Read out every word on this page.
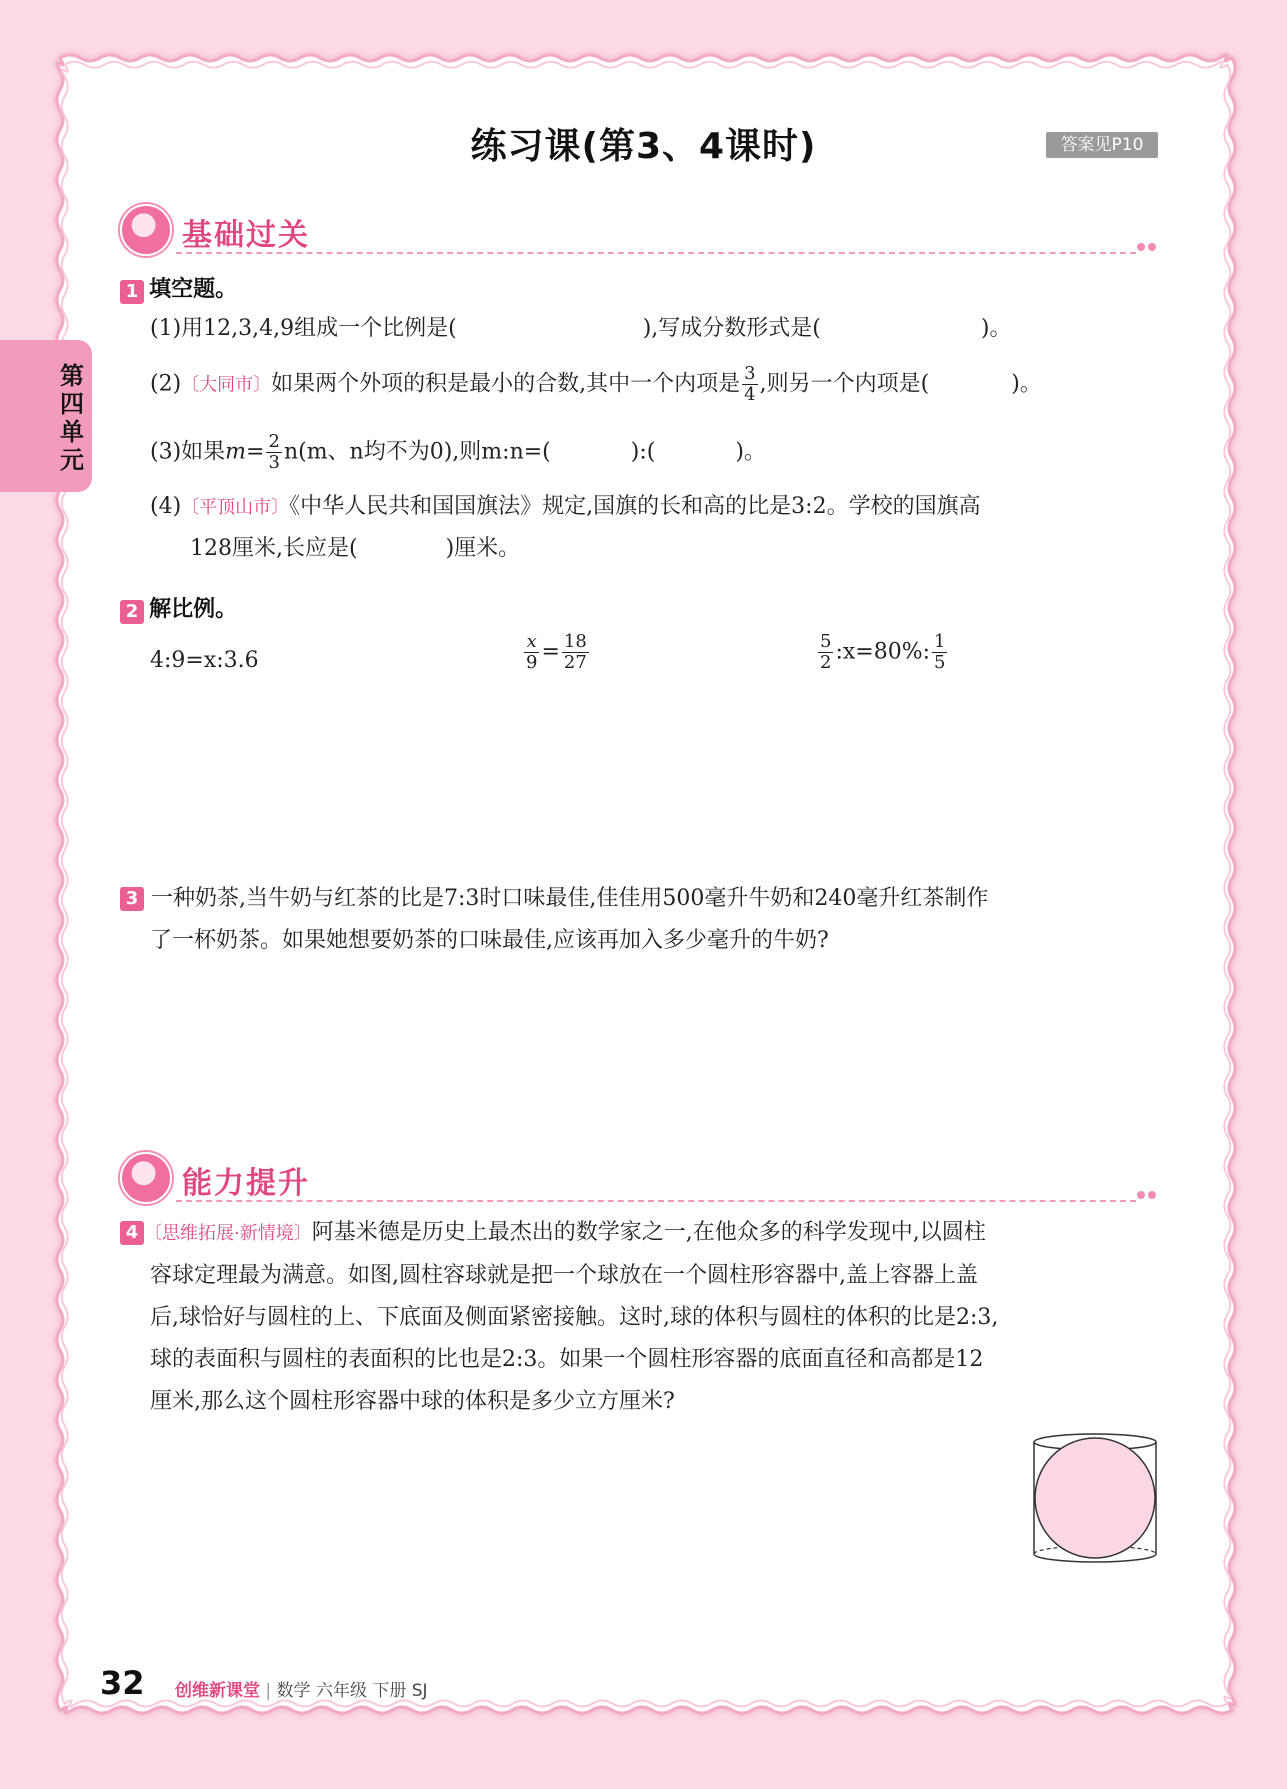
练习课(第3、4课时)	答案见P10
第四单元
基础过关
1 填空题。
(1)用12,3,4,9组成一个比例是(	),写成分数形式是(	)。
(2)〔大同市〕如果两个外项的积是最小的合数,其中一个内项是 $\frac{3}{4}$ ,则另一个内项是(	)。
(3)如果$m= \frac{2}{3} n(m$、n均不为0),则m:n=(	):(	)。
(4)〔平顶山市〕《中华人民共和国国旗法》规定,国旗的长和高的比是3:2。学校的国旗高
128厘米,长应是(	)厘米。
2 解比例。
4:9=x:3.6	$\frac{x}{9} = \frac{18}{27}$	$\frac{5}{2}$ :x=80%: $\frac{1}{5}$
3 一种奶茶,当牛奶与红茶的比是7:3时口味最佳,佳佳用500毫升牛奶和240毫升红茶制作
了一杯奶茶。如果她想要奶茶的口味最佳,应该再加入多少毫升的牛奶?
能力提升
4 〔思维拓展·新情境〕阿基米德是历史上最杰出的数学家之一,在他众多的科学发现中,以圆柱
容球定理最为满意。如图,圆柱容球就是把一个球放在一个圆柱形容器中,盖上容器上盖
后,球恰好与圆柱的上、下底面及侧面紧密接触。这时,球的体积与圆柱的体积的比是2:3,
球的表面积与圆柱的表面积的比也是2:3。如果一个圆柱形容器的底面直径和高都是12
厘米,那么这个圆柱形容器中球的体积是多少立方厘米?
32 创维新课堂 | 数学 六年级 下册 SJ
